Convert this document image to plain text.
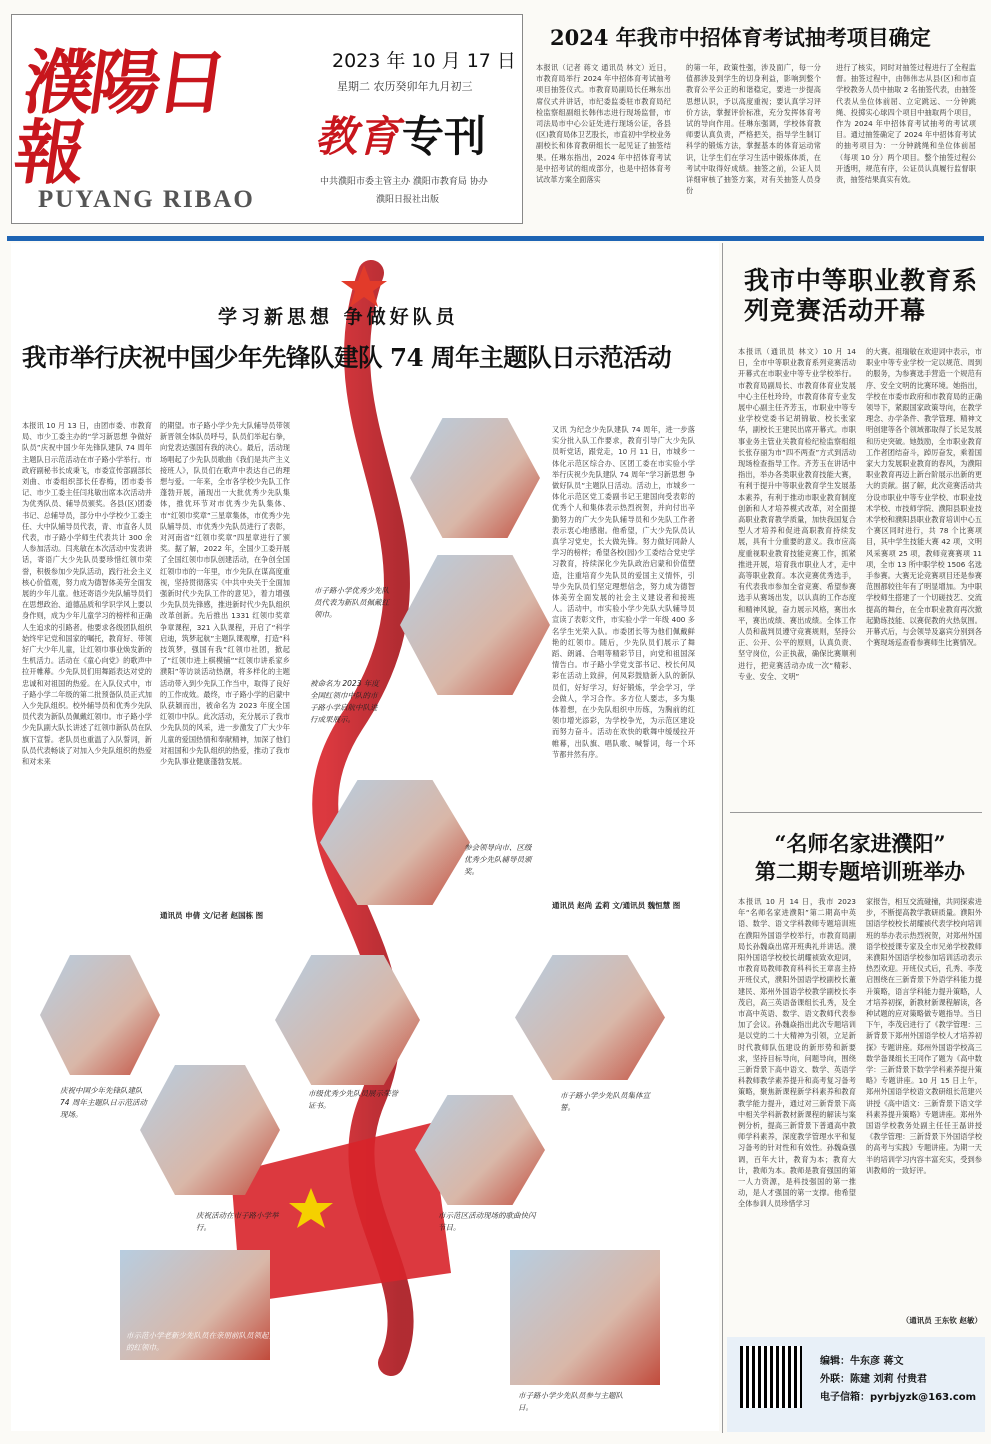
濮陽日報
PUYANG RIBAO
2023 年 10 月 17 日
星期二 农历癸卯年九月初三
教育 专刊
中共濮阳市委主管主办 濮阳市教育局 协办
濮阳日报社出版
2024 年我市中招体育考试抽考项目确定
本报讯（记者 蒋文 通讯员 林文）近日，市教育局举行 2024 年中招体育考试抽考项目抽签仪式。市教育局副局长任琳东出席仪式并讲话，市纪委监委驻市教育局纪检监察组副组长韩伟志进行现场监督，市司法局市中心公证处进行现场公证，各县(区)教育局体卫艺股长，市直初中学校业务副校长和体育教研组长一起见证了抽签结果。任琳东指出，2024 年中招体育考试是中招考试的组成部分，也是中招体育考试改革方案全面落实
的第一年，政策性强，涉及面广，每一分值都涉及到学生的切身利益，影响到整个教育公平公正的和谐稳定，要进一步提高思想认识，予以高度重视；要认真学习评价方法，掌握评价标准，充分发挥体育考试的导向作用。任琳东强调，学校体育教师要认真负责，严格把关，指导学生制订科学的锻炼方法，掌握基本的体育运动常识，让学生们在学习生活中锻炼体质，在考试中取得好成绩。抽签之前，公证人员详细审核了抽签方案，对有关抽签人员身份
进行了核实，同时对抽签过程进行了全程监督。抽签过程中，由韩伟志从县(区)和市直学校教务人员中抽取 2 名抽签代表，由抽签代表从坐位体前屈、立定跳远、一分钟跳绳、投掷实心球四个项目中抽取两个项目，作为 2024 年中招体育考试抽考的考试项目。通过抽签确定了 2024 年中招体育考试的抽考项目为：一分钟跳绳和坐位体前屈（每项 10 分）两个项目。整个抽签过程公开透明，规范有序，公证员认真履行监督职责，抽签结果真实有效。
学习新思想 争做好队员
我市举行庆祝中国少年先锋队建队 74 周年主题队日示范活动
本报讯 10 月 13 日，由团市委、市教育局、市少工委主办的“学习新思想 争做好队员”庆祝中国少年先锋队建队 74 周年主题队日示范活动在市子路小学举行。市政府副秘书长成秉飞，市委宣传部副部长刘曲、市委组织部长任春梅，团市委书记、市少工委主任闫兆敏出席本次活动并为优秀队员、辅导员颁奖。各县(区)团委书记、总辅导员，部分中小学校少工委主任、大中队辅导员代表，青、市直各人员代表，市子路小学师生代表共计 300 余人参加活动。闫兆敏在本次活动中发表讲话，寄语广大少先队员要珍惜红领巾荣誉，积极参加少先队活动，践行社会主义核心价值观，努力成为德智体美劳全面发展的少年儿童。他还寄语少先队辅导员们在思想政治、道德品质和学识学风上要以身作则，成为少年儿童学习的榜样和正确人生追求的引路者。他要求各级团队组织始终牢记党和国家的嘱托，教育好、带领好广大少年儿童，让红领巾事业焕发新的生机活力。活动在《童心向党》的歌声中拉开帷幕。少先队员们用舞蹈表达对党的忠诚和对祖国的热爱。在入队仪式中，市子路小学二年级的第二批预备队员正式加入少先队组织。校外辅导员和优秀少先队员代表为新队员佩戴红领巾。市子路小学少先队副大队长讲述了红领巾新队员在队旗下宣誓。老队员也重温了入队誓词，新队员代表畅谈了对加入少先队组织的热爱和对未来
的期望。市子路小学少先大队辅导员带领新晋领全体队员呼号，队员们举起右拳，向党表达强国有我的决心。最后，活动现场唱起了少先队员歌曲《我们是共产主义接班人》，队员们在歌声中表达自己的理想与爱。一年来，全市各学校少先队工作蓬勃开展，涌现出一大批优秀少先队集体，推优环节对市优秀少先队集体、市“红领巾奖章”三星章集体，市优秀少先队辅导员、市优秀少先队员进行了表彰，对河南省“红领巾奖章”四星章进行了颁奖。据了解，2022 年，全国少工委开展了全国红领巾市队创建活动，在争创全国红领巾市的一年里，市少先队在谋高度重视，坚持贯彻落实《中共中央关于全面加强新时代少先队工作的意见》，着力增强少先队员先锋感，推进新时代少先队组织改革创新。先后推出 1331 红领巾奖章争章课程，321 入队课程，开启了“科学启迪，筑梦起航”主题队课观摩，打造“科技筑梦，强国有我”红领巾社团，掀起了“红领巾进上棋模铺”“红领巾讲系家乡濮阳”等访谈活动热潮，将多样化的主题活动带入到少先队工作当中，取得了良好的工作成效。最终，市子路小学的启蒙中队获颖而出，被命名为 2023 年度全国红领巾中队。此次活动，充分展示了我市少先队员的风采，进一步激发了广大少年儿童的爱国热情和奉献精神，加深了他们对祖国和少先队组织的热爱，推动了我市少先队事业健康蓬勃发展。
通讯员 申倩 文/记者 赵国栋 图
又讯 为纪念少先队建队 74 周年，进一步落实分批入队工作要求，教育引导广大少先队员听党话，跟党走，10 月 11 日，市城乡一体化示范区综合办、区团工委在市实验小学举行庆祝少先队建队 74 周年“学习新思想 争做好队员”主题队日活动。活动上，市城乡一体化示范区党工委副书记王建国向受表彰的优秀个人和集体表示热烈祝贺，并向付出辛勤努力的广大少先队辅导员和少先队工作者表示衷心地感谢。他希望，广大少先队员认真学习党史，长大做先锋。努力做好同龄人学习的榜样；希望各校(园)少工委结合党史学习教育，持续深化少先队政治启蒙和价值塑造，注重培育少先队员的爱国主义情怀，引导少先队员们坚定理想信念，努力成为德智体美劳全面发展的社会主义建设者和接班人。活动中，市实验小学少先队大队辅导员宣读了表彰文件，市实验小学一年级 400 多名学生光荣入队。市委团长等为他们佩戴鲜艳的红领巾。随后，少先队员们展示了舞蹈、朗诵、合唱等精彩节目，向党和祖国深情告白。市子路小学党支部书记、校长何凤彩在活动上致辞，何凤彩鼓励新入队的新队员们，好好学习，好好锻炼，学会学习，学会做人，学习合作。多方位人要志，多为集体着想，在少先队组织中历练，为胸前的红领巾增光添彩，为学校争光，为示范区建设而努力奋斗。活动在欢快的歌舞中缓缓拉开帷幕，出队旗、唱队歌、喊誓词，每一个环节都井然有序。
通讯员 赵尚 孟莉 文/通讯员 魏恒慧 图
市子路小学优秀少先队员代表为新队员佩戴红领巾。
被命名为 2023 年度全国红领巾中队的市子路小学启航中队进行成果展示。
参会领导向市、区级优秀少先队辅导员颁奖。
庆祝中国少年先锋队建队 74 周年主题队日示范活动现场。
市级优秀少先队员展示荣誉证书。
市子路小学少先队员集体宣誓。
庆祝活动在市子路小学举行。
市示范区活动现场的歌曲快闪节目。
市示范小学老新少先队员在亲朋前队员领起上好的红领巾。
市子路小学少先队员参与主题队日。
我市中等职业教育系列竞赛活动开幕
本报讯（通讯员 林文）10 月 14 日，全市中等职业教育系列竞赛活动开幕式在市职业中等专业学校举行。市教育局副局长、市教育体育业发展中心主任杜玲玲，市教育体育专业发展中心副主任齐芳玉，市职业中等专业学校党委书记胡锦敏、校长张家华，副校长王建民出席开幕式。市职事业务主管业关教育检纪检监察组组长张存丽为市“四不两查”方式到活动现场检查指导工作。齐芳玉在讲话中指出，举办各类职业教育技能大赛，有利于提升中等职业教育学生发展基本素养，有利于推动市职业教育制度创新和人才培养模式改革，对全面提高职业教育教学质量，加快我国复合型人才培养和促进高职教育持续发展，具有十分重要的意义。我市应高度重视职业教育技能竞赛工作，抓紧推进开展，培育我市职业人才，走中高等职业教育。本次竞赛优秀选手，有代表我市参加全省竞赛、希望参赛选手从赛场出发，以认真的工作态度和精神风貌，奋力展示风格，赛出水平，赛出成绩、赛出成绩。全体工作人员和裁判员遵守竞赛规则，坚持公正、公开、公平的原则，认真负责、坚守岗位，公正执裁，确保比赛顺利进行，把竞赛活动办成一次“精彩、专业、安全、文明”
的大赛。祖瑞敏在欢迎词中表示，市职业中等专业学校一定以规范、周到的服务，为参赛选手营造一个规范有序、安全文明的比赛环境。她指出，学校在市委市政府和市教育局的正确领导下，紧跟国家政策导向，在教学理念、办学条件、教学管理、精神文明创建等各个领域都取得了长足发展和历史突破。她鼓励，全市职业教育工作者团结奋斗，踔厉奋发，乘着国家大力发展职业教育的春风，为濮阳职业教育再迈上新台阶展示出新的更大的贡献。据了解，此次竞赛活动共分设市职业中等专业学校、市职业技术学校、市技师学院、濮阳县职业技术学校和濮阳县职业教育培训中心五个赛区同时进行，共 78 个比赛项目，其中学生技能大赛 42 项，文明风采赛项 25 项，教师竞赛赛项 11 项，全市 13 所中职学校 1506 名选手参赛。大赛无论竞赛项目还是参赛范围都较往年有了明显增加。为中职学校师生搭建了一个切磋技艺、交流提高的舞台，在全市职业教育再次掀起勤练技能、以赛促教的火热氛围。开幕式后，与会领导及嘉宾分别到各个赛现场巡查看参赛师生比赛情况。
“名师名家进濮阳”
第二期专题培训班举办
本报讯 10 月 14 日，我市 2023 年“名师名家进濮阳”第二期高中英语、数学、语文学科教师专题培训班在濮阳外国语学校举行，市教育局副局长孙魏焱出席开班典礼并讲话。濮阳外国语学校校长胡耀祯致欢迎词，市教育局教师教育科科长王章喜主持开班仪式，濮阳外国语学校副校长董建民、郑州外国语学校教学副校长李茂启，高三英语备课组长孔秀，及全市高中英语、数学、语文教师代表参加了会议。孙魏焱指出此次专题培训是以党的二十大精神为引领，立足新时代教师队伍建设的新形势和新要求，坚持目标导向，问题导向，围绕三新背景下高中语文、数学、英语学科教师教学素养提升和高考复习备考策略，聚焦新课程新学科素养和教育教学能力提升，通过对三新背景下高中相关学科新教材新课程的解读与案例分析，提高三新背景下普通高中教师学科素养，深度教学管理水平和复习备考的针对性和有效性。孙魏焱强调，百年大计，教育为本；教育大计，教师为本。教师是教育强国的第一人力资源，是科技强国的第一推动，是人才强国的第一支撑。他希望全体参训人员珍惜学习
家报告，相互交流碰撞，共同探索进步，不断提高教学教研质量。濮阳外国语学校校长胡耀祯代表学校向培训班的举办表示热烈祝贺，对郑州外国语学校授课专家及全市兄弟学校教师来濮阳外国语学校参加培训活动表示热烈欢迎。开班仪式后，孔秀、李茂启围绕在三新背景下外语学科能力提升策略，语言学科能力提升策略，人才培养初探，新教材新课程解读，各种试题的应对策略做专题指导。当日下午，李茂启进行了《教学管理：三新背景下郑州外国语学校人才培养初探》专题讲座。郑州外国语学校高三数学备课组长王同作了题为《高中数学：三新背景下数学学科素养提升策略》专题讲座。10 月 15 日上午，郑州外国语学校语文教研组长范建兴讲授《高中语文：三新背景下语文学科素养提升策略》专题讲座。郑州外国语学校教务处副主任任王磊讲授《教学管理：三新背景下外国语学校的高考与实践》专题讲座。为期一天半的培训学习内容丰富充实，受到参训教师的一致好评。
（通讯员 王东钦 赵敏）
编辑：牛东彦 蒋文
外联：陈建 刘莉 付贵君
电子信箱：pyrbjyzk@163.com
